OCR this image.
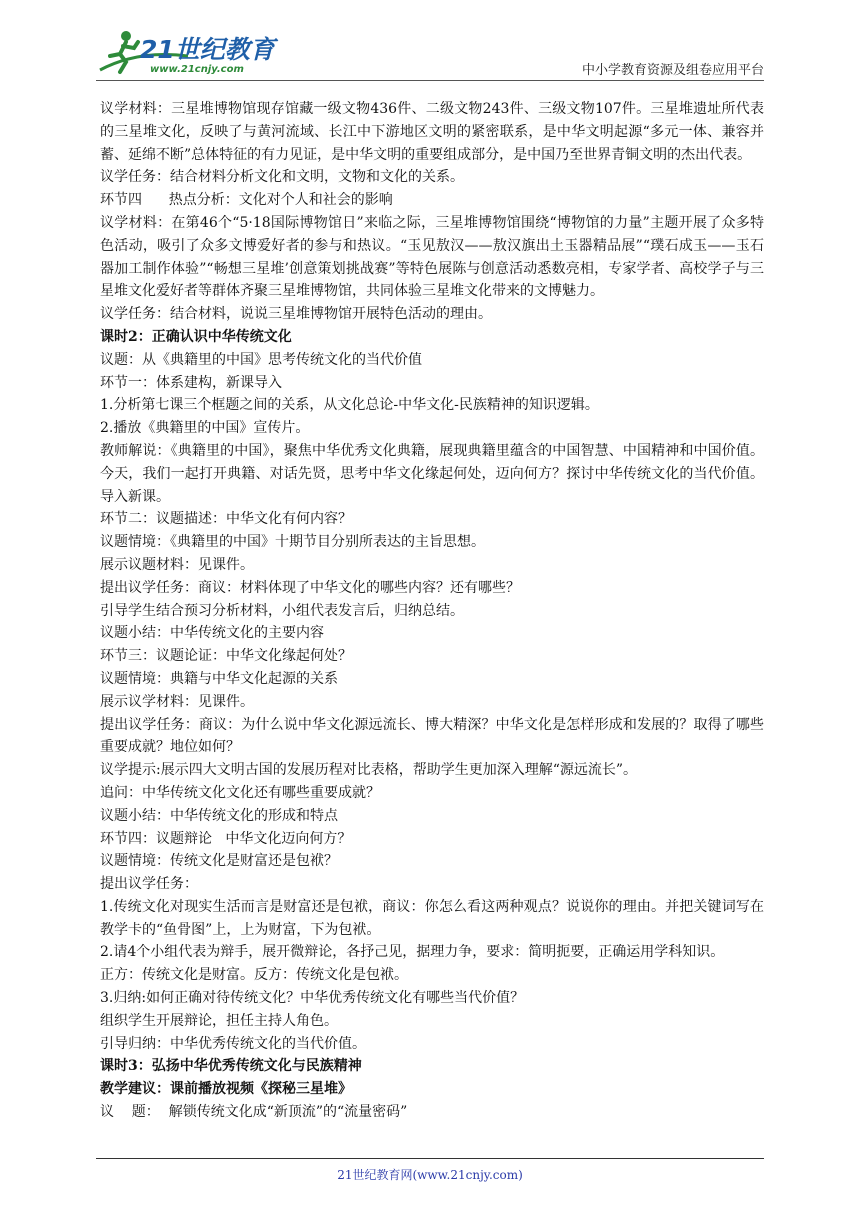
21世纪教育
www.21cnjy.com	中小学教育资源及组卷应用平台

议学材料：三星堆博物馆现存馆藏一级文物436件、二级文物243件、三级文物107件。三星堆遗址所代表的三星堆文化，反映了与黄河流域、长江中下游地区文明的紧密联系，是中华文明起源“多元一体、兼容并蓄、延绵不断”总体特征的有力见证，是中华文明的重要组成部分，是中国乃至世界青铜文明的杰出代表。

议学任务：结合材料分析文化和文明，文物和文化的关系。

环节四      热点分析：文化对个人和社会的影响

议学材料：在第46个“5·18国际博物馆日”来临之际，三星堆博物馆围绕“博物馆的力量”主题开展了众多特色活动，吸引了众多文博爱好者的参与和热议。“玉见敖汉——敖汉旗出土玉器精品展”“璞石成玉——玉石器加工制作体验”“畅想三星堆’创意策划挑战赛”等特色展陈与创意活动悉数亮相，专家学者、高校学子与三星堆文化爱好者等群体齐聚三星堆博物馆，共同体验三星堆文化带来的文博魅力。

议学任务：结合材料，说说三星堆博物馆开展特色活动的理由。

课时2：正确认识中华传统文化

议题：从《典籍里的中国》思考传统文化的当代价值

环节一：体系建构，新课导入

1.分析第七课三个框题之间的关系，从文化总论-中华文化-民族精神的知识逻辑。

2.播放《典籍里的中国》宣传片。

教师解说：《典籍里的中国》，聚焦中华优秀文化典籍，展现典籍里蕴含的中国智慧、中国精神和中国价值。今天，我们一起打开典籍、对话先贤，思考中华文化缘起何处，迈向何方？探讨中华传统文化的当代价值。导入新课。

环节二：议题描述：中华文化有何内容？

议题情境：《典籍里的中国》十期节目分别所表达的主旨思想。

展示议题材料：见课件。

提出议学任务：商议：材料体现了中华文化的哪些内容？还有哪些？

引导学生结合预习分析材料，小组代表发言后，归纳总结。

议题小结：中华传统文化的主要内容

环节三：议题论证：中华文化缘起何处？

议题情境：典籍与中华文化起源的关系

展示议学材料：见课件。

提出议学任务：商议：为什么说中华文化源远流长、博大精深？中华文化是怎样形成和发展的？取得了哪些重要成就？地位如何？

议学提示:展示四大文明古国的发展历程对比表格，帮助学生更加深入理解“源远流长”。

追问：中华传统文化文化还有哪些重要成就？

议题小结：中华传统文化的形成和特点

环节四：议题辩论   中华文化迈向何方？

议题情境：传统文化是财富还是包袱？

提出议学任务：

1.传统文化对现实生活而言是财富还是包袱，商议：你怎么看这两种观点？说说你的理由。并把关键词写在教学卡的“鱼骨图”上，上为财富，下为包袱。

2.请4个小组代表为辩手，展开微辩论，各抒己见，据理力争，要求：简明扼要，正确运用学科知识。

正方：传统文化是财富。反方：传统文化是包袱。

3.归纳:如何正确对待传统文化？中华优秀传统文化有哪些当代价值？

组织学生开展辩论，担任主持人角色。

引导归纳：中华优秀传统文化的当代价值。

课时3：弘扬中华优秀传统文化与民族精神

教学建议：课前播放视频《探秘三星堆》

议    题：  解锁传统文化成“新顶流”的“流量密码”

21世纪教育网(www.21cnjy.com)
